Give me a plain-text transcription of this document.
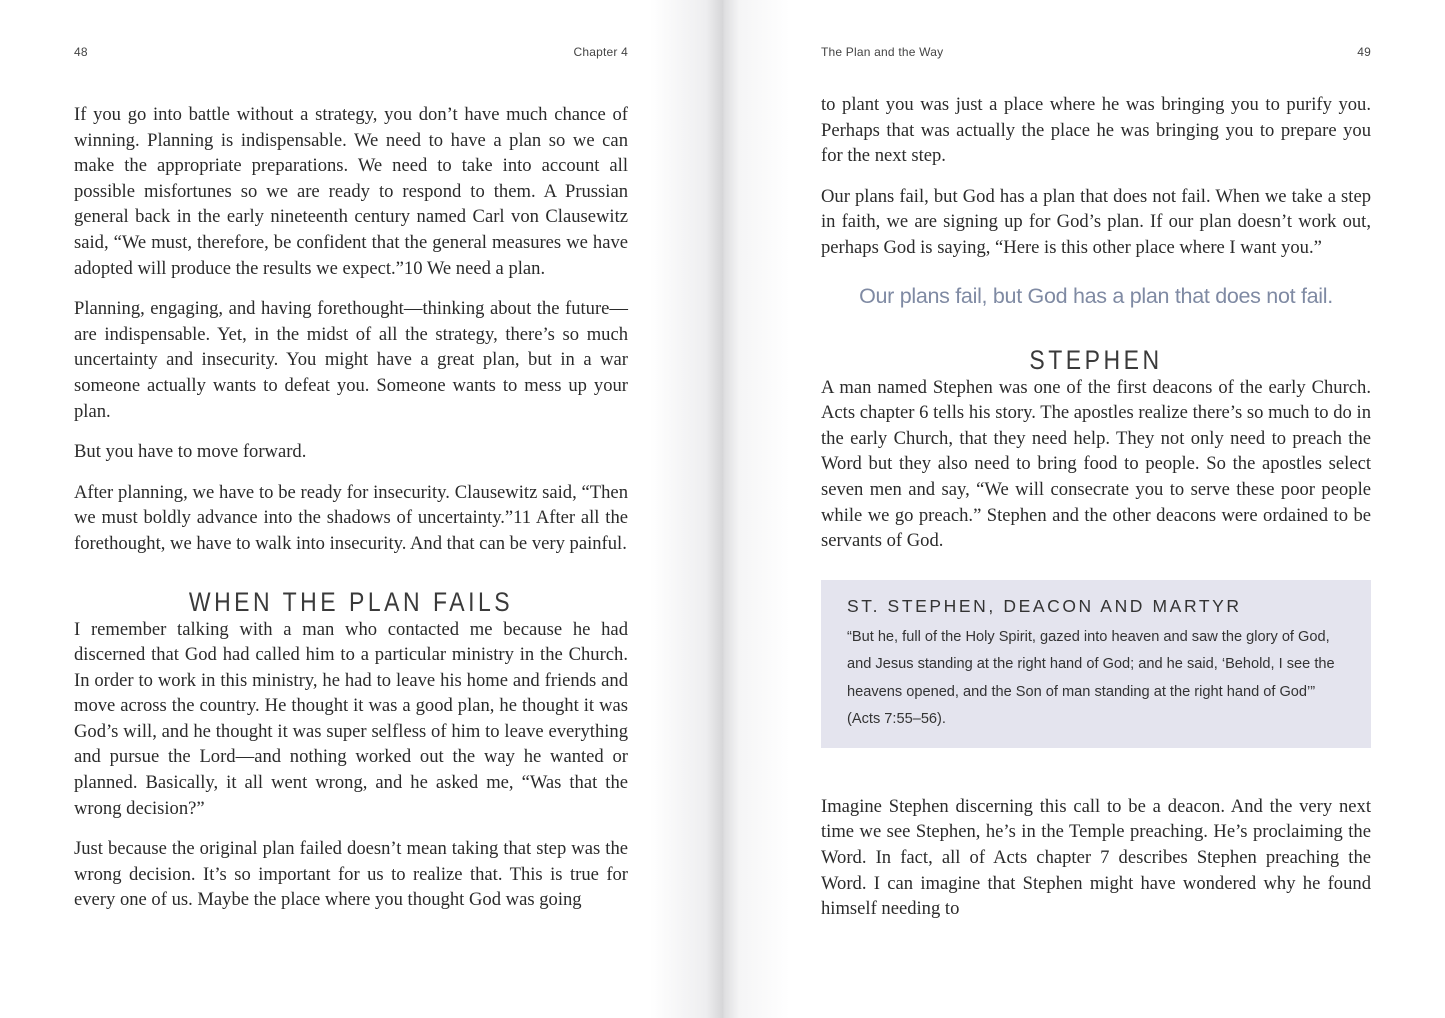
48	Chapter 4

If you go into battle without a strategy, you don’t have much chance of winning. Planning is indispensable. We need to have a plan so we can make the appropriate preparations. We need to take into account all possible misfortunes so we are ready to respond to them. A Prussian general back in the early nineteenth century named Carl von Clausewitz said, “We must, therefore, be confident that the general measures we have adopted will produce the results we expect.”10 We need a plan.

Planning, engaging, and having forethought—thinking about the future—are indispensable. Yet, in the midst of all the strategy, there’s so much uncertainty and insecurity. You might have a great plan, but in a war someone actually wants to defeat you. Someone wants to mess up your plan.

But you have to move forward.

After planning, we have to be ready for insecurity. Clausewitz said, “Then we must boldly advance into the shadows of uncertainty.”11 After all the forethought, we have to walk into insecurity. And that can be very painful.

WHEN THE PLAN FAILS

I remember talking with a man who contacted me because he had discerned that God had called him to a particular ministry in the Church. In order to work in this ministry, he had to leave his home and friends and move across the country. He thought it was a good plan, he thought it was God’s will, and he thought it was super selfless of him to leave everything and pursue the Lord—and nothing worked out the way he wanted or planned. Basically, it all went wrong, and he asked me, “Was that the wrong decision?”

Just because the original plan failed doesn’t mean taking that step was the wrong decision. It’s so important for us to realize that. This is true for every one of us. Maybe the place where you thought God was going

The Plan and the Way	49

to plant you was just a place where he was bringing you to purify you. Perhaps that was actually the place he was bringing you to prepare you for the next step.

Our plans fail, but God has a plan that does not fail. When we take a step in faith, we are signing up for God’s plan. If our plan doesn’t work out, perhaps God is saying, “Here is this other place where I want you.”

Our plans fail, but God has a plan that does not fail.
STEPHEN

A man named Stephen was one of the first deacons of the early Church. Acts chapter 6 tells his story. The apostles realize there’s so much to do in the early Church, that they need help. They not only need to preach the Word but they also need to bring food to people. So the apostles select seven men and say, “We will consecrate you to serve these poor people while we go preach.” Stephen and the other deacons were ordained to be servants of God.

ST. STEPHEN, DEACON AND MARTYR
“But he, full of the Holy Spirit, gazed into heaven and saw the glory of God, and Jesus standing at the right hand of God; and he said, ‘Behold, I see the heavens opened, and the Son of man standing at the right hand of God’” (Acts 7:55–56).

Imagine Stephen discerning this call to be a deacon. And the very next time we see Stephen, he’s in the Temple preaching. He’s proclaiming the Word. In fact, all of Acts chapter 7 describes Stephen preaching the Word. I can imagine that Stephen might have wondered why he found himself needing to
